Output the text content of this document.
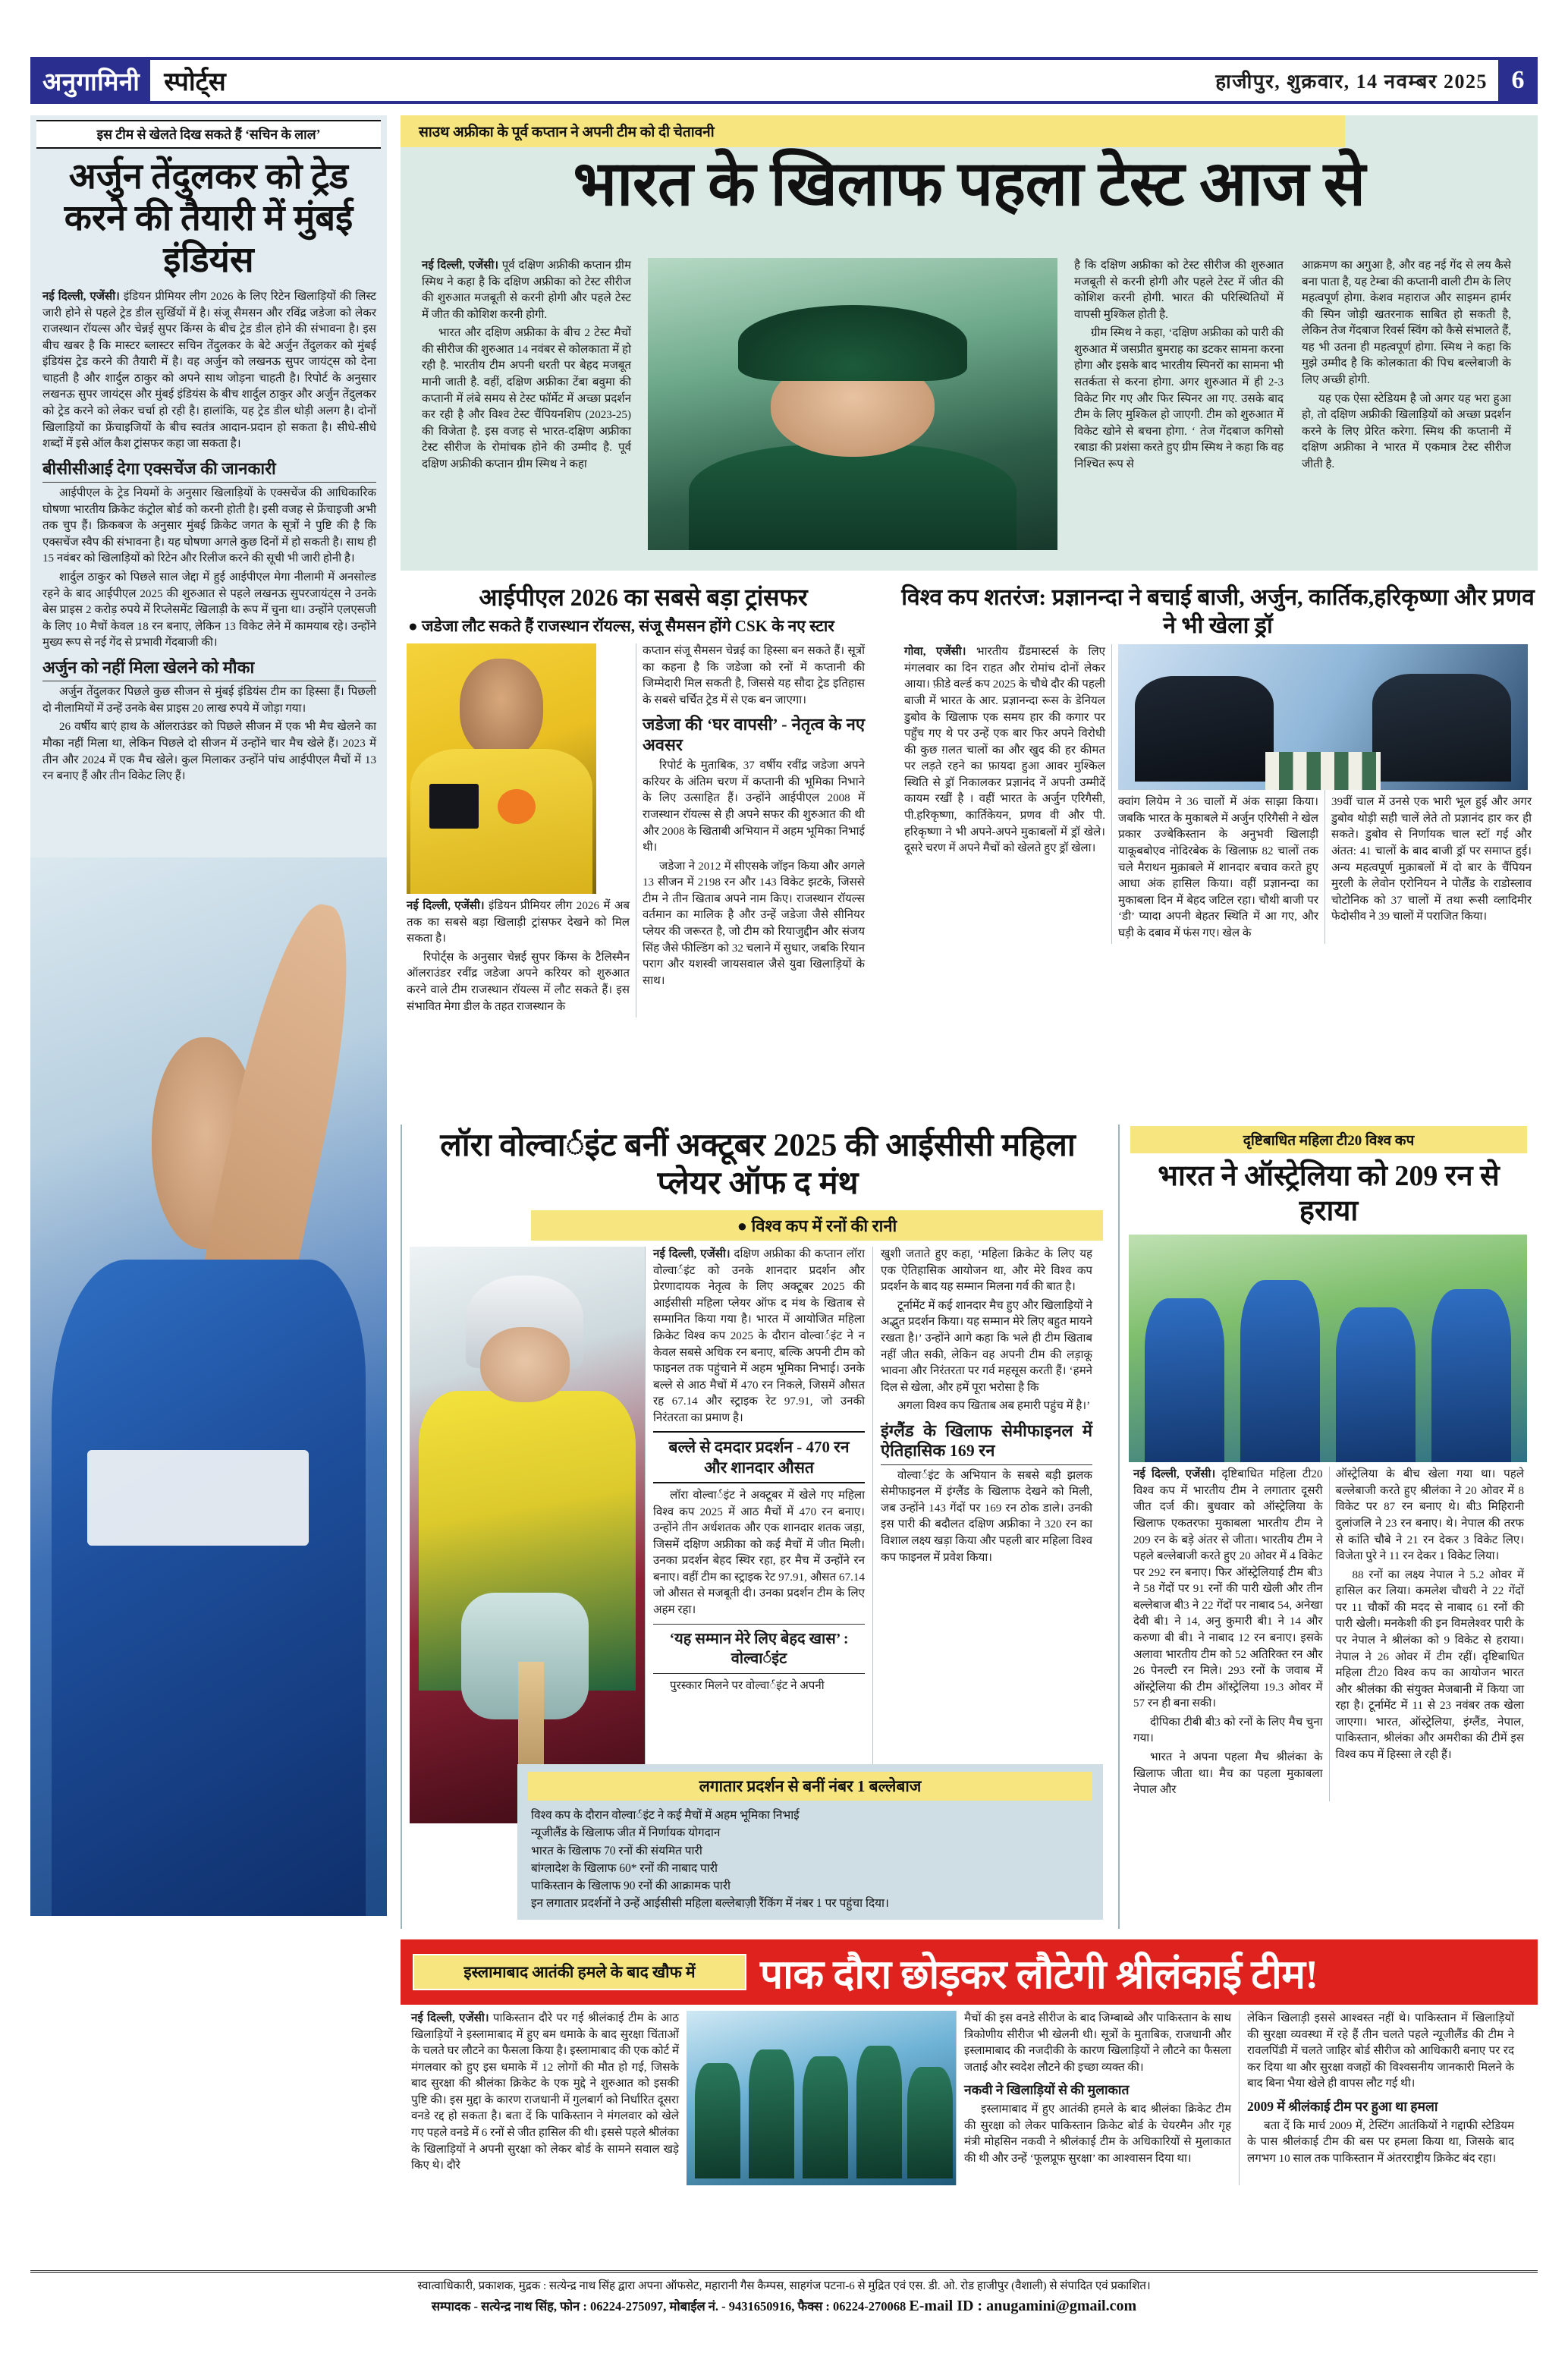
अनुगामिनी स्पोर्ट्स	हाजीपुर, शुक्रवार, 14 नवम्बर 2025 6
इस टीम से खेलते दिख सकते हैं ‘सचिन के लाल’
अर्जुन तेंदुलकर को ट्रेड करने की तैयारी में मुंबई इंडियंस

नई दिल्ली, एजेंसी। इंडियन प्रीमियर लीग 2026 के लिए रिटेन खिलाड़ियों की लिस्ट जारी होने से पहले ट्रेड डील सुर्खियों में है। संजू सैमसन और रविंद्र जडेजा को लेकर राजस्थान रॉयल्स और चेन्नई सुपर किंग्स के बीच ट्रेड डील होने की संभावना है। इस बीच खबर है कि मास्टर ब्लास्टर सचिन तेंदुलकर के बेटे अर्जुन तेंदुलकर को मुंबई इंडियंस ट्रेड करने की तैयारी में है। वह अर्जुन को लखनऊ सुपर जायंट्स को देना चाहती है और शार्दुल ठाकुर को अपने साथ जोड़ना चाहती है। रिपोर्ट के अनुसार लखनऊ सुपर जायंट्स और मुंबई इंडियंस के बीच शार्दुल ठाकुर और अर्जुन तेंदुलकर को ट्रेड करने को लेकर चर्चा हो रही है। हालांकि, यह ट्रेड डील थोड़ी अलग है। दोनों खिलाड़ियों का फ्रेंचाइजियों के बीच स्वतंत्र आदान-प्रदान हो सकता है। सीधे-सीधे शब्दों में इसे ऑल कैश ट्रांसफर कहा जा सकता है।

बीसीसीआई देगा एक्सचेंज की जानकारी

आईपीएल के ट्रेड नियमों के अनुसार खिलाड़ियों के एक्सचेंज की आधिकारिक घोषणा भारतीय क्रिकेट कंट्रोल बोर्ड को करनी होती है। इसी वजह से फ्रेंचाइजी अभी तक चुप हैं। क्रिकबज के अनुसार मुंबई क्रिकेट जगत के सूत्रों ने पुष्टि की है कि एक्सचेंज स्वैप की संभावना है। यह घोषणा अगले कुछ दिनों में हो सकती है। साथ ही 15 नवंबर को खिलाड़ियों को रिटेन और रिलीज करने की सूची भी जारी होनी है।

शार्दुल ठाकुर को पिछले साल जेद्दा में हुई आईपीएल मेगा नीलामी में अनसोल्ड रहने के बाद आईपीएल 2025 की शुरुआत से पहले लखनऊ सुपरजायंट्स ने उनके बेस प्राइस 2 करोड़ रुपये में रिप्लेसमेंट खिलाड़ी के रूप में चुना था। उन्होंने एलएसजी के लिए 10 मैचों केवल 18 रन बनाए, लेकिन 13 विकेट लेने में कामयाब रहे। उन्होंने मुख्य रूप से नई गेंद से प्रभावी गेंदबाजी की।

अर्जुन को नहीं मिला खेलने को मौका

अर्जुन तेंदुलकर पिछले कुछ सीजन से मुंबई इंडियंस टीम का हिस्सा हैं। पिछली दो नीलामियों में उन्हें उनके बेस प्राइस 20 लाख रुपये में जोड़ा गया।

26 वर्षीय बाएं हाथ के ऑलराउंडर को पिछले सीजन में एक भी मैच खेलने का मौका नहीं मिला था, लेकिन पिछले दो सीजन में उन्होंने चार मैच खेले हैं। 2023 में तीन और 2024 में एक मैच खेले। कुल मिलाकर उन्होंने पांच आईपीएल मैचों में 13 रन बनाए हैं और तीन विकेट लिए हैं।

साउथ अफ्रीका के पूर्व कप्तान ने अपनी टीम को दी चेतावनी
भारत के खिलाफ पहला टेस्ट आज से

नई दिल्ली, एजेंसी। पूर्व दक्षिण अफ्रीकी कप्तान ग्रीम स्मिथ ने कहा है कि दक्षिण अफ्रीका को टेस्ट सीरीज की शुरुआत मजबूती से करनी होगी और पहले टेस्ट में जीत की कोशिश करनी होगी.

भारत और दक्षिण अफ्रीका के बीच 2 टेस्ट मैचों की सीरीज की शुरुआत 14 नवंबर से कोलकाता में हो रही है. भारतीय टीम अपनी धरती पर बेहद मजबूत मानी जाती है. वहीं, दक्षिण अफ्रीका टेंबा बवुमा की कप्तानी में लंबे समय से टेस्ट फॉर्मेट में अच्छा प्रदर्शन कर रही है और विश्व टेस्ट चैंपियनशिप (2023-25) की विजेता है. इस वजह से भारत-दक्षिण अफ्रीका टेस्ट सीरीज के रोमांचक होने की उम्मीद है. पूर्व दक्षिण अफ्रीकी कप्तान ग्रीम स्मिथ ने कहा

है कि दक्षिण अफ्रीका को टेस्ट सीरीज की शुरुआत मजबूती से करनी होगी और पहले टेस्ट में जीत की कोशिश करनी होगी. भारत की परिस्थितियों में वापसी मुश्किल होती है.

ग्रीम स्मिथ ने कहा, ‘दक्षिण अफ्रीका को पारी की शुरुआत में जसप्रीत बुमराह का डटकर सामना करना होगा और इसके बाद भारतीय स्पिनरों का सामना भी सतर्कता से करना होगा. अगर शुरुआत में ही 2-3 विकेट गिर गए और फिर स्पिनर आ गए. उसके बाद टीम के लिए मुश्किल हो जाएगी. टीम को शुरुआत में विकेट खोने से बचना होगा. ‘ तेज गेंदबाज कगिसो रबाडा की प्रशंसा करते हुए ग्रीम स्मिथ ने कहा कि वह निश्चित रूप से

आक्रमण का अगुआ है, और वह नई गेंद से लय कैसे बना पाता है, यह टेम्बा की कप्तानी वाली टीम के लिए महत्वपूर्ण होगा. केशव महाराज और साइमन हार्मर की स्पिन जोड़ी खतरनाक साबित हो सकती है, लेकिन तेज गेंदबाज रिवर्स स्विंग को कैसे संभालते हैं, यह भी उतना ही महत्वपूर्ण होगा. स्मिथ ने कहा कि मुझे उम्मीद है कि कोलकाता की पिच बल्लेबाजी के लिए अच्छी होगी.

यह एक ऐसा स्टेडियम है जो अगर यह भरा हुआ हो, तो दक्षिण अफ्रीकी खिलाड़ियों को अच्छा प्रदर्शन करने के लिए प्रेरित करेगा. स्मिथ की कप्तानी में दक्षिण अफ्रीका ने भारत में एकमात्र टेस्ट सीरीज जीती है.

आईपीएल 2026 का सबसे बड़ा ट्रांसफर
● जडेजा लौट सकते हैं राजस्थान रॉयल्स, संजू सैमसन होंगे CSK के नए स्टार

नई दिल्ली, एजेंसी। इंडियन प्रीमियर लीग 2026 में अब तक का सबसे बड़ा खिलाड़ी ट्रांसफर देखने को मिल सकता है।

रिपोर्ट्स के अनुसार चेन्नई सुपर किंग्स के टैलिस्मैन ऑलराउंडर रवींद्र जडेजा अपने करियर को शुरुआत करने वाले टीम राजस्थान रॉयल्स में लौट सकते हैं। इस संभावित मेगा डील के तहत राजस्थान के

कप्तान संजू सैमसन चेन्नई का हिस्सा बन सकते हैं। सूत्रों का कहना है कि जडेजा को रनों में कप्तानी की जिम्मेदारी मिल सकती है, जिससे यह सौदा ट्रेड इतिहास के सबसे चर्चित ट्रेड में से एक बन जाएगा।

जडेजा की ‘घर वापसी’ - नेतृत्व के नए अवसर

रिपोर्ट के मुताबिक, 37 वर्षीय रवींद्र जडेजा अपने करियर के अंतिम चरण में कप्तानी की भूमिका निभाने के लिए उत्साहित हैं। उन्होंने आईपीएल 2008 में राजस्थान रॉयल्स से ही अपने सफर की शुरुआत की थी और 2008 के खिताबी अभियान में अहम भूमिका निभाई थी।

जडेजा ने 2012 में सीएसके जॉइन किया और अगले 13 सीजन में 2198 रन और 143 विकेट झटके, जिससे टीम ने तीन खिताब अपने नाम किए। राजस्थान रॉयल्स वर्तमान का मालिक है और उन्हें जडेजा जैसे सीनियर प्लेयर की जरूरत है, जो टीम को रियाजुद्दीन और संजय सिंह जैसे फील्डिंग को 32 चलाने में सुधार, जबकि रियान पराग और यशस्वी जायसवाल जैसे युवा खिलाड़ियों के साथ।

विश्व कप शतरंज: प्रज्ञानन्दा ने बचाई बाजी, अर्जुन, कार्तिक,हरिकृष्णा और प्रणव ने भी खेला ड्रॉ

गोवा, एजेंसी। भारतीय ग्रैंडमास्टर्स के लिए मंगलवार का दिन राहत और रोमांच दोनों लेकर आया। फ़ीडे वर्ल्ड कप 2025 के चौथे दौर की पहली बाजी में भारत के आर. प्रज्ञानन्दा रूस के डेनियल डुबोव के खिलाफ एक समय हार की कगार पर पहुँच गए थे पर उन्हें एक बार फिर अपने विरोधी की कुछ ग़लत चालों का और खुद की हर कीमत पर लड़ते रहने का फ़ायदा हुआ आवर मुश्किल स्थिति से ड्रॉ निकालकर प्रज्ञानंद नें अपनी उम्मीदें कायम रखीं है । वहीं भारत के अर्जुन एरिगैसी, पी.हरिकृष्णा, कार्तिकेयन, प्रणव वी और पी. हरिकृष्णा ने भी अपने-अपने मुकाबलों में ड्रॉ खेले। दूसरे चरण में अपने मैचों को खेलते हुए ड्रॉ खेला।

क्वांग लियेम ने 36 चालों में अंक साझा किया। जबकि भारत के मुकाबले में अर्जुन एरिगैसी ने खेल प्रकार उज्बेकिस्तान के अनुभवी खिलाड़ी याकूबबोएव नोदिरबेक के खिलाफ़ 82 चालों तक चले मैराथन मुक़ाबले में शानदार बचाव करते हुए आधा अंक हासिल किया। वहीं प्रज्ञानन्दा का मुकाबला दिन में बेहद जटिल रहा। चौथी बाजी पर ‘डी’ प्यादा अपनी बेहतर स्थिति में आ गए, और घड़ी के दबाव में फंस गए। खेल के

39वीं चाल में उनसे एक भारी भूल हुई और अगर डुबोव थोड़ी सही चालें लेते तो प्रज्ञानंद हार कर ही सकते। डुबोव से निर्णायक चाल स्टॉ गई और अंतत: 41 चालों के बाद बाजी ड्रॉ पर समाप्त हुई। अन्य महत्वपूर्ण मुक़ाबलों में दो बार के चैंपियन मुरली के लेवोन एरोनियन ने पोलैंड के राडोस्लाव चोटोनिक को 37 चालों में तथा रूसी व्लादिमीर फेदोसीव ने 39 चालों में पराजित किया।

लॉरा वोल्वार्इंट बनीं अक्टूबर 2025 की आईसीसी महिला प्लेयर ऑफ द मंथ
● विश्व कप में रनों की रानी

नई दिल्ली, एजेंसी। दक्षिण अफ्रीका की कप्तान लॉरा वोल्वार्इंट को उनके शानदार प्रदर्शन और प्रेरणादायक नेतृत्व के लिए अक्टूबर 2025 की आईसीसी महिला प्लेयर ऑफ द मंथ के खिताब से सम्मानित किया गया है। भारत में आयोजित महिला क्रिकेट विश्व कप 2025 के दौरान वोल्वार्इंट ने न केवल सबसे अधिक रन बनाए, बल्कि अपनी टीम को फाइनल तक पहुंचाने में अहम भूमिका निभाई। उनके बल्ले से आठ मैचों में 470 रन निकले, जिसमें औसत रह 67.14 और स्ट्राइक रेट 97.91, जो उनकी निरंतरता का प्रमाण है।

बल्ले से दमदार प्रदर्शन - 470 रन और शानदार औसत

लॉरा वोल्वार्इंट ने अक्टूबर में खेले गए महिला विश्व कप 2025 में आठ मैचों में 470 रन बनाए। उन्होंने तीन अर्धशतक और एक शानदार शतक जड़ा, जिसमें दक्षिण अफ्रीका को कई मैचों में जीत मिली। उनका प्रदर्शन बेहद स्थिर रहा, हर मैच में उन्होंने रन बनाए। वहीं टीम का स्ट्राइक रेट 97.91, औसत 67.14 जो औसत से मजबूती दी। उनका प्रदर्शन टीम के लिए अहम रहा।

‘यह सम्मान मेरे लिए बेहद खास’ : वोल्वार्इंट

पुरस्कार मिलने पर वोल्वार्इंट ने अपनी

खुशी जताते हुए कहा, ‘महिला क्रिकेट के लिए यह एक ऐतिहासिक आयोजन था, और मेरे विश्व कप प्रदर्शन के बाद यह सम्मान मिलना गर्व की बात है।

टूर्नामेंट में कई शानदार मैच हुए और खिलाड़ियों ने अद्भुत प्रदर्शन किया। यह सम्मान मेरे लिए बहुत मायने रखता है।’ उन्होंने आगे कहा कि भले ही टीम खिताब नहीं जीत सकी, लेकिन वह अपनी टीम की लड़ाकू भावना और निरंतरता पर गर्व महसूस करती हैं। ‘हमने दिल से खेला, और हमें पूरा भरोसा है कि

अगला विश्व कप खिताब अब हमारी पहुंच में है।’

इंग्लैंड के खिलाफ सेमीफाइनल में ऐतिहासिक 169 रन

वोल्वार्इंट के अभियान के सबसे बड़ी झलक सेमीफाइनल में इंग्लैंड के खिलाफ देखने को मिली, जब उन्होंने 143 गेंदों पर 169 रन ठोक डाले। उनकी इस पारी की बदौलत दक्षिण अफ्रीका ने 320 रन का विशाल लक्ष्य खड़ा किया और पहली बार महिला विश्व कप फाइनल में प्रवेश किया।

लगातार प्रदर्शन से बनीं नंबर 1 बल्लेबाज
विश्व कप के दौरान वोल्वार्इंट ने कई मैचों में अहम भूमिका निभाई
न्यूजीलैंड के खिलाफ जीत में निर्णायक योगदान
भारत के खिलाफ 70 रनों की संयमित पारी
बांग्लादेश के खिलाफ 60* रनों की नाबाद पारी
पाकिस्तान के खिलाफ 90 रनों की आक्रामक पारी
इन लगातार प्रदर्शनों ने उन्हें आईसीसी महिला बल्लेबाज़ी रैंकिंग में नंबर 1 पर पहुंचा दिया।
दृष्टिबाधित महिला टी20 विश्व कप
भारत ने ऑस्ट्रेलिया को 209 रन से हराया

नई दिल्ली, एजेंसी। दृष्टिबाधित महिला टी20 विश्व कप में भारतीय टीम ने लगातार दूसरी जीत दर्ज की। बुधवार को ऑस्ट्रेलिया के खिलाफ एकतरफा मुकाबला भारतीय टीम ने 209 रन के बड़े अंतर से जीता। भारतीय टीम ने पहले बल्लेबाजी करते हुए 20 ओवर में 4 विकेट पर 292 रन बनाए। फिर ऑस्ट्रेलियाई टीम बी3 ने 58 गेंदों पर 91 रनों की पारी खेली और तीन बल्लेबाज बी3 ने 22 गेंदों पर नाबाद 54, अनेखा देवी बी1 ने 14, अनु कुमारी बी1 ने 14 और करुणा बी बी1 ने नाबाद 12 रन बनाए। इसके अलावा भारतीय टीम को 52 अतिरिक्त रन और 26 पेनल्टी रन मिले। 293 रनों के जवाब में ऑस्ट्रेलिया की टीम ऑस्ट्रेलिया 19.3 ओवर में 57 रन ही बना सकी।

दीपिका टीबी बी3 को रनों के लिए मैच चुना गया।

भारत ने अपना पहला मैच श्रीलंका के खिलाफ जीता था। मैच का पहला मुकाबला नेपाल और

ऑस्ट्रेलिया के बीच खेला गया था। पहले बल्लेबाजी करते हुए श्रीलंका ने 20 ओवर में 8 विकेट पर 87 रन बनाए थे। बी3 मिहिरानी दुलांजलि ने 23 रन बनाए। थे। नेपाल की तरफ से कांति चौबे ने 21 रन देकर 3 विकेट लिए। विजेता पुरे ने 11 रन देकर 1 विकेट लिया।

88 रनों का लक्ष्य नेपाल ने 5.2 ओवर में हासिल कर लिया। कमलेश चौधरी ने 22 गेंदों पर 11 चौकों की मदद से नाबाद 61 रनों की पारी खेली। मनकेशी की इन विमलेश्वर पारी के पर नेपाल ने श्रीलंका को 9 विकेट से हराया। नेपाल ने 26 ओवर में टीम रहीं। दृष्टिबाधित महिला टी20 विश्व कप का आयोजन भारत और श्रीलंका की संयुक्त मेजबानी में किया जा रहा है। टूर्नामेंट में 11 से 23 नवंबर तक खेला जाएगा। भारत, ऑस्ट्रेलिया, इंग्लैंड, नेपाल, पाकिस्तान, श्रीलंका और अमरीका की टीमें इस विश्व कप में हिस्सा ले रही हैं।

इस्लामाबाद आतंकी हमले के बाद खौफ में	पाक दौरा छोड़कर लौटेगी श्रीलंकाई टीम!

नई दिल्ली, एजेंसी। पाकिस्तान दौरे पर गई श्रीलंकाई टीम के आठ खिलाड़ियों ने इस्लामाबाद में हुए बम धमाके के बाद सुरक्षा चिंताओं के चलते घर लौटने का फैसला किया है। इस्लामाबाद की एक कोर्ट में मंगलवार को हुए इस धमाके में 12 लोगों की मौत हो गई, जिसके बाद सुरक्षा की श्रीलंका क्रिकेट के एक मुद्दे ने शुरुआत को इसकी पुष्टि की। इस मुद्दा के कारण राजधानी में गुलबार्ग को निर्धारित दूसरा वनडे रद्द हो सकता है। बता दें कि पाकिस्तान ने मंगलवार को खेले गए पहले वनडे में 6 रनों से जीत हासिल की थी। इससे पहले श्रीलंका के खिलाड़ियों ने अपनी सुरक्षा को लेकर बोर्ड के सामने सवाल खड़े किए थे। दौरे

मैचों की इस वनडे सीरीज के बाद जिम्बाब्वे और पाकिस्तान के साथ त्रिकोणीय सीरीज भी खेलनी थी। सूत्रों के मुताबिक, राजधानी और इस्लामाबाद की नजदीकी के कारण खिलाड़ियों ने लौटने का फैसला जताई और स्वदेश लौटने की इच्छा व्यक्त की।

नकवी ने खिलाड़ियों से की मुलाकात

इस्लामाबाद में हुए आतंकी हमले के बाद श्रीलंका क्रिकेट टीम की सुरक्षा को लेकर पाकिस्तान क्रिकेट बोर्ड के चेयरमैन और गृह मंत्री मोहसिन नकवी ने श्रीलंकाई टीम के अधिकारियों से मुलाकात की थी और उन्हें ‘फूलप्रूफ सुरक्षा’ का आश्वासन दिया था।

लेकिन खिलाड़ी इससे आश्वस्त नहीं थे। पाकिस्तान में खिलाड़ियों की सुरक्षा व्यवस्था में रहे हैं तीन चलते पहले न्यूजीलैंड की टीम ने रावलपिंडी में चलते जाहिर बोर्ड सीरीज को आधिकारी बनाए पर रद कर दिया था और सुरक्षा वजहों की विश्वसनीय जानकारी मिलने के बाद बिना भैया खेले ही वापस लौट गई थी।

2009 में श्रीलंकाई टीम पर हुआ था हमला

बता दें कि मार्च 2009 में, टेस्टिंग आतंकियों ने गद्दाफी स्टेडियम के पास श्रीलंकाई टीम की बस पर हमला किया था, जिसके बाद लगभग 10 साल तक पाकिस्तान में अंतरराष्ट्रीय क्रिकेट बंद रहा।

स्वात्वाधिकारी, प्रकाशक, मुद्रक : सत्येन्द्र नाथ सिंह द्वारा अपना ऑफसेट, महारानी गैस कैम्पस, साहगंज पटना-6 से मुद्रित एवं एस. डी. ओ. रोड हाजीपुर (वैशाली) से संपादित एवं प्रकाशित।
सम्पादक - सत्येन्द्र नाथ सिंह, फोन : 06224-275097, मोबाईल नं. - 9431650916, फैक्स : 06224-270068 E-mail ID : anugamini@gmail.com
